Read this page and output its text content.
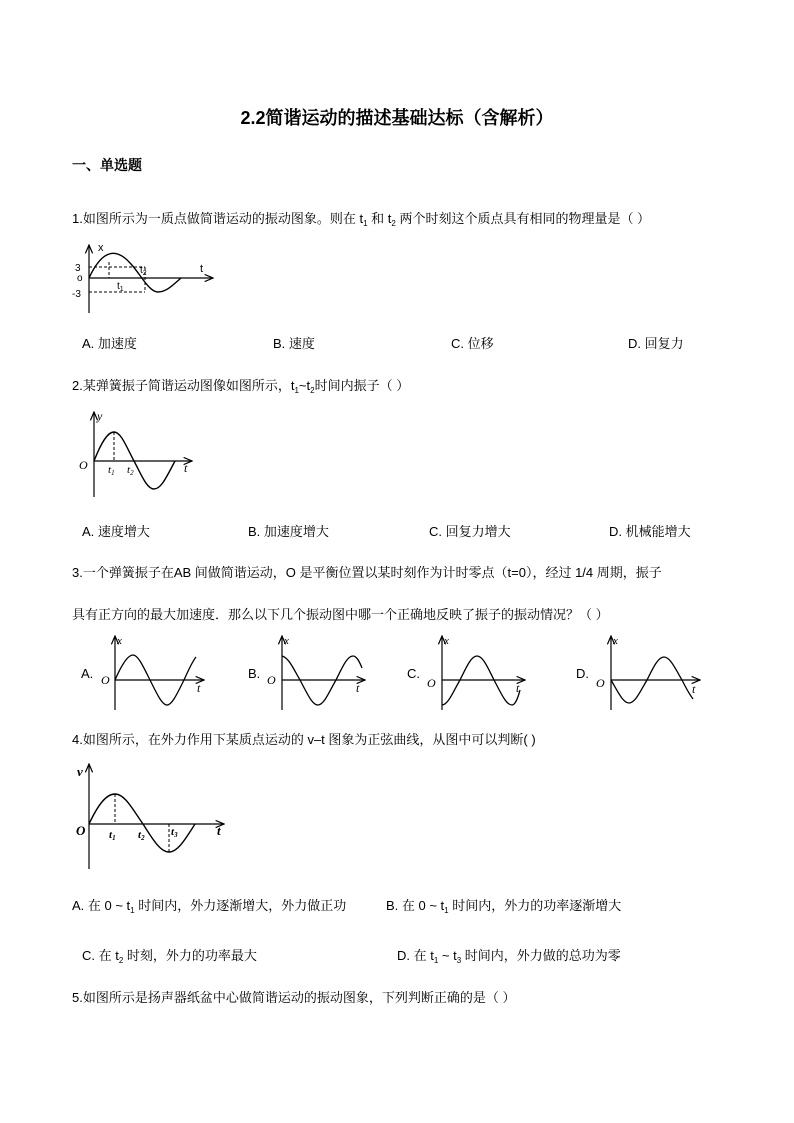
2.2简谐运动的描述基础达标（含解析）
一、单选题
1.如图所示为一质点做简谐运动的振动图象。则在 $t_1$ 和 $t_2$ 两个时刻这个质点具有相同的物理量是（ ）
x
t
3
o
-3
$t_1$
$t_2$
A. 加速度	B. 速度	C. 位移	D. 回复力
2.某弹簧振子简谐运动图像如图所示，$t_1\sim t_2$时间内振子（ ）
y
O	t
t1 t2
A. 速度增大	B. 加速度增大	C. 回复力增大	D. 机械能增大
3.一个弹簧振子在AB 间做简谐运动，O 是平衡位置以某时刻作为计时零点（t=0），经过 1/4 周期，振子
具有正方向的最大加速度．那么以下几个振动图中哪一个正确地反映了振子的振动情况？（ ）
A.
x
O
t
B.
x
O
t
C.
x
O	t
D.
x
O	t
4.如图所示，在外力作用下某质点运动的 v–t 图象为正弦曲线，从图中可以判断( )
v
O	t
t1 t2 t3
A. 在 0 ~ $t_1$ 时间内，外力逐渐增大，外力做正功	B. 在 0 ~ $t_1$ 时间内，外力的功率逐渐增大
C. 在 $t_2$ 时刻，外力的功率最大	D. 在 $t_1$ ~ $t_3$ 时间内，外力做的总功为零
5.如图所示是扬声器纸盆中心做简谐运动的振动图象，下列判断正确的是（ ）
